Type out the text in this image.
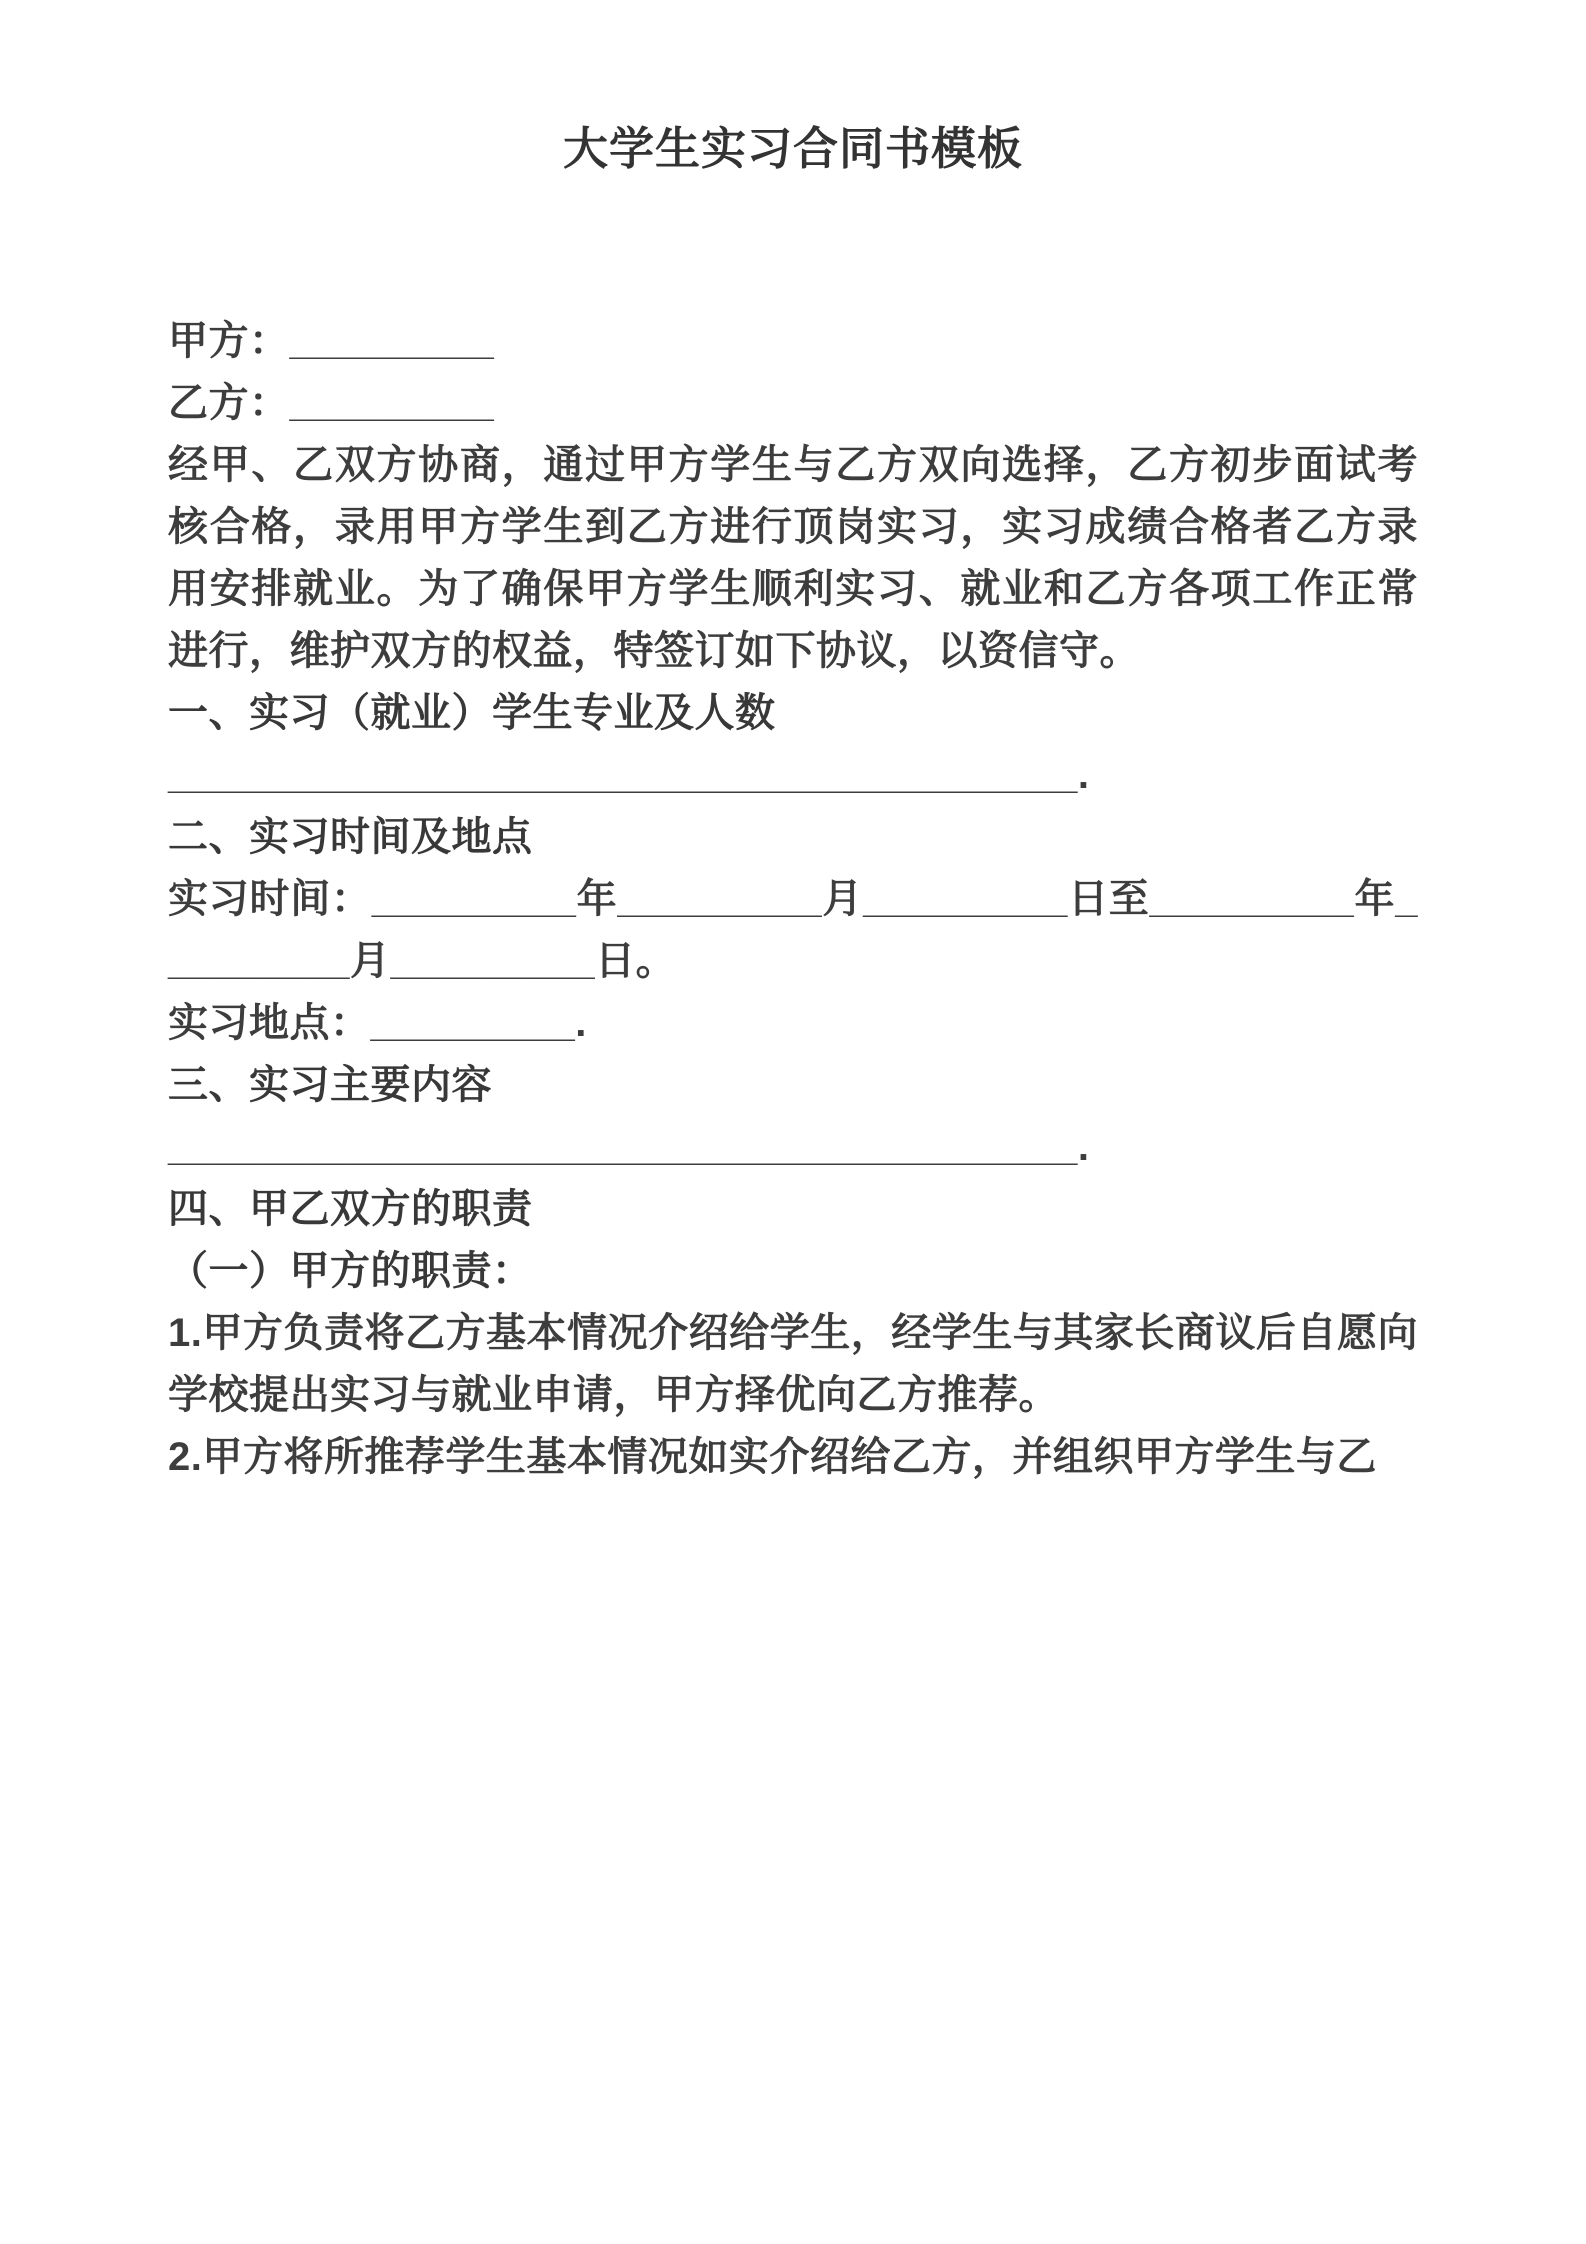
大学生实习合同书模板

甲方：_________

乙方：_________

经甲、乙双方协商，通过甲方学生与乙方双向选择，乙方初步面试考核合格，录用甲方学生到乙方进行顶岗实习，实习成绩合格者乙方录用安排就业。为了确保甲方学生顺利实习、就业和乙方各项工作正常进行，维护双方的权益，特签订如下协议，以资信守。

一、实习（就业）学生专业及人数

________________________________________.

二、实习时间及地点

实习时间：_________年_________月_________日至_________年_________月_________日。

实习地点：_________.

三、实习主要内容

________________________________________.

四、甲乙双方的职责

（一）甲方的职责：

1.甲方负责将乙方基本情况介绍给学生，经学生与其家长商议后自愿向学校提出实习与就业申请，甲方择优向乙方推荐。

2.甲方将所推荐学生基本情况如实介绍给乙方，并组织甲方学生与乙
